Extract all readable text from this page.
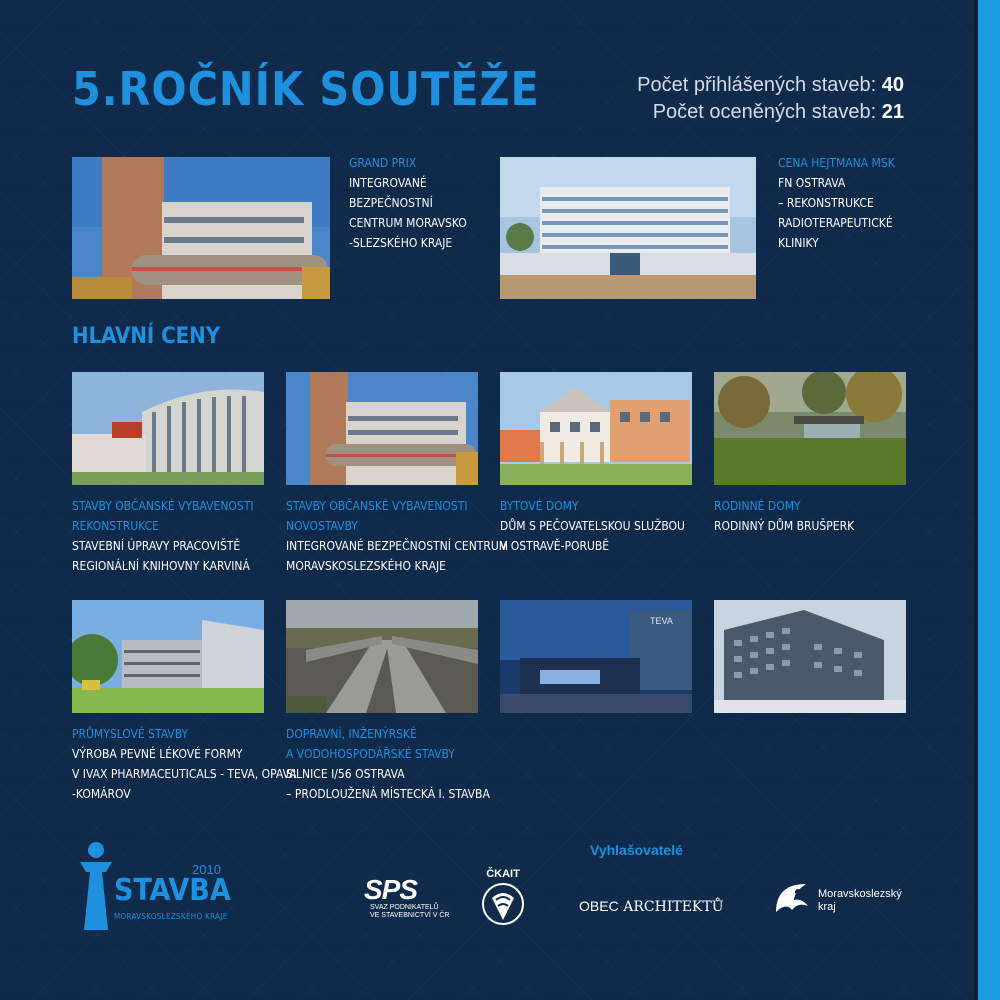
5.ROČNÍK SOUTĚŽE	Počet přihlášených staveb: 40
Počet oceněných staveb: 21
GRAND PRIX
INTEGROVANÉ
BEZPEČNOSTNÍ
CENTRUM MORAVSKO
-SLEZSKÉHO KRAJE
CENA HEJTMANA MSK
FN OSTRAVA
– REKONSTRUKCE
RADIOTERAPEUTICKÉ
KLINIKY
HLAVNÍ CENY
STAVBY OBČANSKÉ VYBAVENOSTI
REKONSTRUKCE
STAVEBNÍ ÚPRAVY PRACOVIŠTĚ
REGIONÁLNÍ KNIHOVNY KARVINÁ
STAVBY OBČANSKÉ VYBAVENOSTI
NOVOSTAVBY
INTEGROVANÉ BEZPEČNOSTNÍ CENTRUM
MORAVSKOSLEZSKÉHO KRAJE
BYTOVÉ DOMY
DŮM S PEČOVATELSKOU SLUŽBOU
V OSTRAVĚ-PORUBĚ
RODINNÉ DOMY
RODINNÝ DŮM BRUŠPERK
TEVA
PRŮMYSLOVÉ STAVBY
VÝROBA PEVNÉ LÉKOVÉ FORMY
V IVAX PHARMACEUTICALS - TEVA, OPAVA
-KOMÁROV
DOPRAVNÍ, INŽENÝRSKÉ
A VODOHOSPODÁŘSKÉ STAVBY
SILNICE I/56 OSTRAVA
– PRODLOUŽENÁ MÍSTECKÁ I. STAVBA
Vyhlašovatelé
2010
STAVBA
MORAVSKOSLEZSKÉHO KRAJE
SPS
SVAZ PODNIKATELŮ
VE STAVEBNICTVÍ V ČR
ČKAIT
OBEC ARCHITEKTŮ
Moravskoslezský
kraj
